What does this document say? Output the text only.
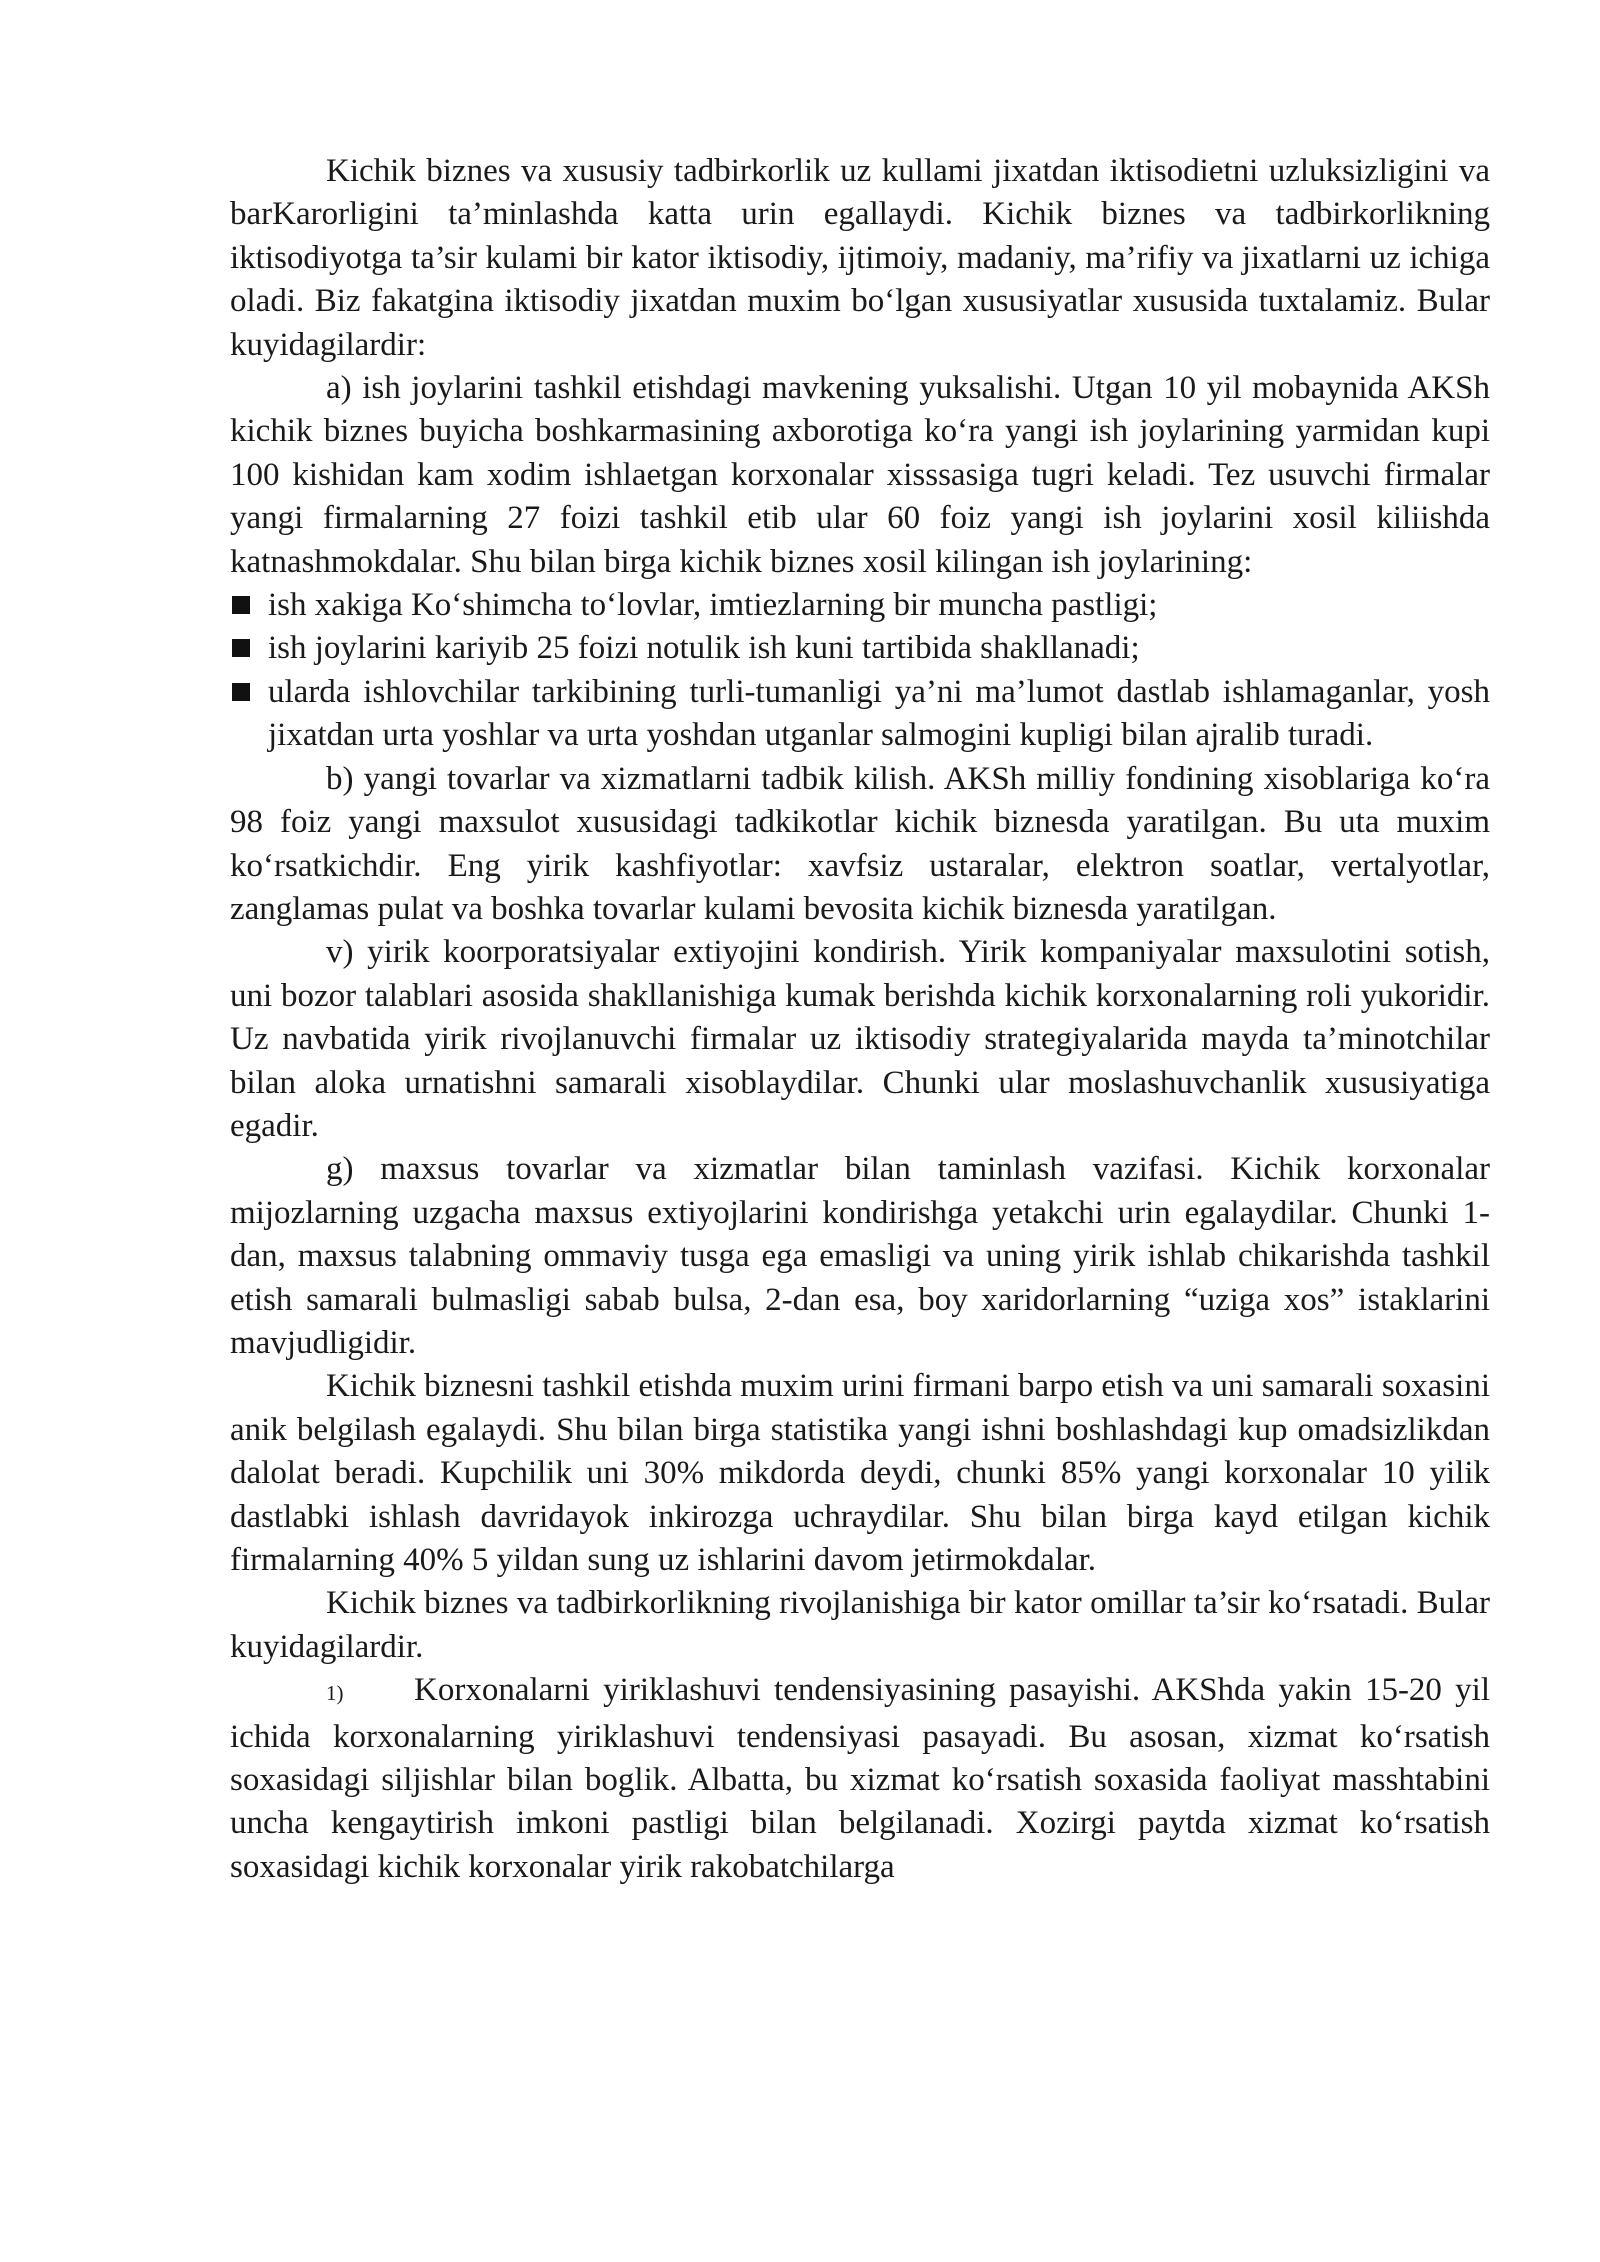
Kichik biznes va xususiy tadbirkorlik uz kullami jixatdan iktisodietni uzluksizligini va barKarorligini ta’minlashda katta urin egallaydi. Kichik biznes va tadbirkorlikning iktisodiyotga ta’sir kulami bir kator iktisodiy, ijtimoiy, madaniy, ma’rifiy va jixatlarni uz ichiga oladi. Biz fakatgina iktisodiy jixatdan muxim bo‘lgan xususiyatlar xususida tuxtalamiz. Bular kuyidagilardir:

a) ish joylarini tashkil etishdagi mavkening yuksalishi. Utgan 10 yil mobaynida AKSh kichik biznes buyicha boshkarmasining axborotiga ko‘ra yangi ish joylarining yarmidan kupi 100 kishidan kam xodim ishlaetgan korxonalar xisssasiga tugri keladi. Tez usuvchi firmalar yangi firmalarning 27 foizi tashkil etib ular 60 foiz yangi ish joylarini xosil kiliishda katnashmokdalar. Shu bilan birga kichik biznes xosil kilingan ish joylarining:

ish xakiga Ko‘shimcha to‘lovlar, imtiezlarning bir muncha pastligi;
ish joylarini kariyib 25 foizi notulik ish kuni tartibida shakllanadi;
ularda ishlovchilar tarkibining turli-tumanligi ya’ni ma’lumot dastlab ishlamaganlar, yosh jixatdan urta yoshlar va urta yoshdan utganlar salmogini kupligi bilan ajralib turadi.

b) yangi tovarlar va xizmatlarni tadbik kilish. AKSh milliy fondining xisoblariga ko‘ra 98 foiz yangi maxsulot xususidagi tadkikotlar kichik biznesda yaratilgan. Bu uta muxim ko‘rsatkichdir. Eng yirik kashfiyotlar: xavfsiz ustaralar, elektron soatlar, vertalyotlar, zanglamas pulat va boshka tovarlar kulami bevosita kichik biznesda yaratilgan.

v) yirik koorporatsiyalar extiyojini kondirish. Yirik kompaniyalar maxsulotini sotish, uni bozor talablari asosida shakllanishiga kumak berishda kichik korxonalarning roli yukoridir. Uz navbatida yirik rivojlanuvchi firmalar uz iktisodiy strategiyalarida mayda ta’minotchilar bilan aloka urnatishni samarali xisoblaydilar. Chunki ular moslashuvchanlik xususiyatiga egadir.

g) maxsus tovarlar va xizmatlar bilan taminlash vazifasi. Kichik korxonalar mijozlarning uzgacha maxsus extiyojlarini kondirishga yetakchi urin egalaydilar. Chunki 1-dan, maxsus talabning ommaviy tusga ega emasligi va uning yirik ishlab chikarishda tashkil etish samarali bulmasligi sabab bulsa, 2-dan esa, boy xaridorlarning “uziga xos” istaklarini mavjudligidir.

Kichik biznesni tashkil etishda muxim urini firmani barpo etish va uni samarali soxasini anik belgilash egalaydi. Shu bilan birga statistika yangi ishni boshlashdagi kup omadsizlikdan dalolat beradi. Kupchilik uni 30% mikdorda deydi, chunki 85% yangi korxonalar 10 yilik dastlabki ishlash davridayok inkirozga uchraydilar. Shu bilan birga kayd etilgan kichik firmalarning 40% 5 yildan sung uz ishlarini davom jetirmokdalar.

Kichik biznes va tadbirkorlikning rivojlanishiga bir kator omillar ta’sir ko‘rsatadi. Bular kuyidagilardir.

1) Korxonalarni yiriklashuvi tendensiyasining pasayishi. AKShda yakin 15-20 yil ichida korxonalarning yiriklashuvi tendensiyasi pasayadi. Bu asosan, xizmat ko‘rsatish soxasidagi siljishlar bilan boglik. Albatta, bu xizmat ko‘rsatish soxasida faoliyat masshtabini uncha kengaytirish imkoni pastligi bilan belgilanadi. Xozirgi paytda xizmat ko‘rsatish soxasidagi kichik korxonalar yirik rakobatchilarga
